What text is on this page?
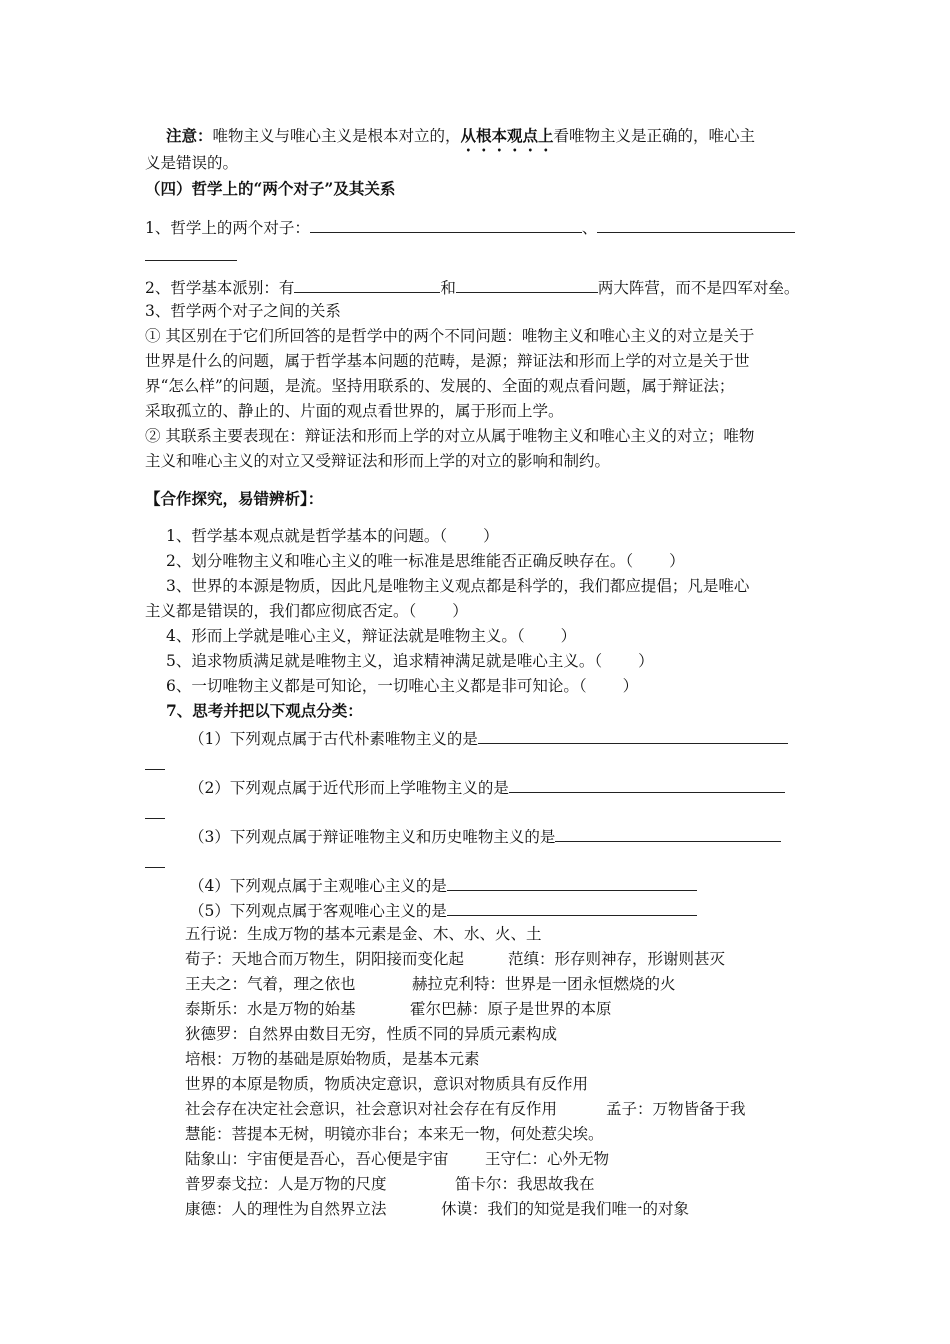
注意：唯物主义与唯心主义是根本对立的，从根本观点上看唯物主义是正确的，唯心主
义是错误的。
（四）哲学上的“两个对子”及其关系
1、哲学上的两个对子：	、
2、哲学基本派别：有	和	两大阵营，而不是四军对垒。
3、哲学两个对子之间的关系
① 其区别在于它们所回答的是哲学中的两个不同问题：唯物主义和唯心主义的对立是关于
世界是什么的问题，属于哲学基本问题的范畴，是源；辩证法和形而上学的对立是关于世
界“怎么样”的问题，是流。坚持用联系的、发展的、全面的观点看问题，属于辩证法；
采取孤立的、静止的、片面的观点看世界的，属于形而上学。
② 其联系主要表现在：辩证法和形而上学的对立从属于唯物主义和唯心主义的对立；唯物
主义和唯心主义的对立又受辩证法和形而上学的对立的影响和制约。
【合作探究，易错辨析】：
1、哲学基本观点就是哲学基本的问题。（ ）
2、划分唯物主义和唯心主义的唯一标准是思维能否正确反映存在。（ ）
3、世界的本源是物质，因此凡是唯物主义观点都是科学的，我们都应提倡；凡是唯心
主义都是错误的，我们都应彻底否定。（ ）
4、形而上学就是唯心主义，辩证法就是唯物主义。（ ）
5、追求物质满足就是唯物主义，追求精神满足就是唯心主义。（ ）
6、一切唯物主义都是可知论，一切唯心主义都是非可知论。（ ）
7、思考并把以下观点分类：
（1）下列观点属于古代朴素唯物主义的是
（2）下列观点属于近代形而上学唯物主义的是
（3）下列观点属于辩证唯物主义和历史唯物主义的是
（4）下列观点属于主观唯心主义的是
（5）下列观点属于客观唯心主义的是
五行说：生成万物的基本元素是金、木、水、火、土
荀子：天地合而万物生，阴阳接而变化起	范缜：形存则神存，形谢则甚灭
王夫之：气着，理之依也	赫拉克利特：世界是一团永恒燃烧的火
泰斯乐：水是万物的始基	霍尔巴赫：原子是世界的本原
狄德罗：自然界由数目无穷，性质不同的异质元素构成
培根：万物的基础是原始物质，是基本元素
世界的本原是物质，物质决定意识，意识对物质具有反作用
社会存在决定社会意识，社会意识对社会存在有反作用	孟子：万物皆备于我
慧能：菩提本无树，明镜亦非台；本来无一物，何处惹尖埃。
陆象山：宇宙便是吾心，吾心便是宇宙 王守仁：心外无物
普罗泰戈拉：人是万物的尺度	笛卡尔：我思故我在
康德：人的理性为自然界立法	休谟：我们的知觉是我们唯一的对象
